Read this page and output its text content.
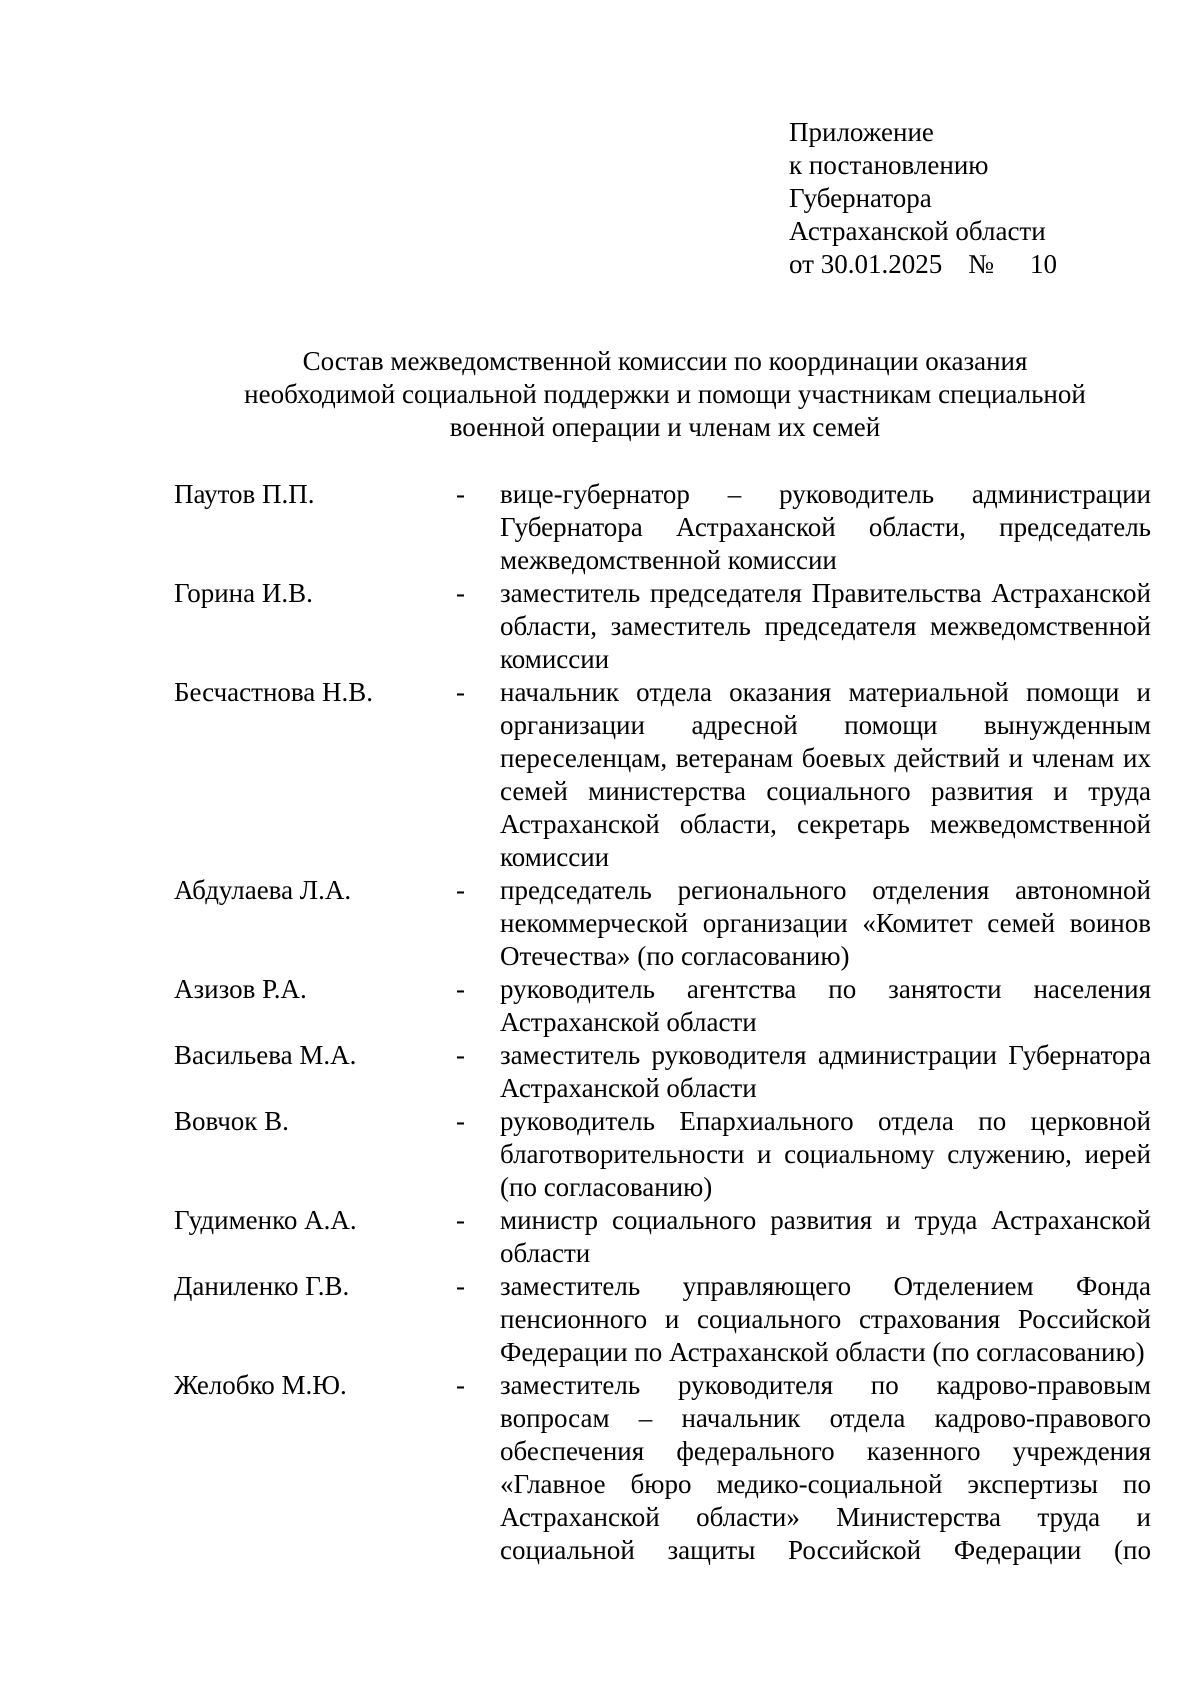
Приложение
к постановлению
Губернатора
Астраханской области
от 30.01.2025 № 10
Состав межведомственной комиссии по координации оказания
необходимой социальной поддержки и помощи участникам специальной
военной операции и членам их семей
Паутов П.П.	-	вице-губернатор – руководитель администрации Губернатора Астраханской области, председатель межведомственной комиссии
Горина И.В.	-	заместитель председателя Правительства Астраханской области, заместитель председателя межведомственной комиссии
Бесчастнова Н.В.	-	начальник отдела оказания материальной помощи и организации адресной помощи вынужденным переселенцам, ветеранам боевых действий и членам их семей министерства социального развития и труда Астраханской области, секретарь межведомственной комиссии
Абдулаева Л.А.	-	председатель регионального отделения автономной некоммерческой организации «Комитет семей воинов Отечества» (по согласованию)
Азизов Р.А.	-	руководитель агентства по занятости населения Астраханской области
Васильева М.А.	-	заместитель руководителя администрации Губернатора Астраханской области
Вовчок В.	-	руководитель Епархиального отдела по церковной благотворительности и социальному служению, иерей (по согласованию)
Гудименко А.А.	-	министр социального развития и труда Астраханской области
Даниленко Г.В.	-	заместитель управляющего Отделением Фонда пенсионного и социального страхования Российской Федерации по Астраханской области (по согласованию)
Желобко М.Ю.	-	заместитель руководителя по кадрово-правовым вопросам – начальник отдела кадрово-правового обеспечения федерального казенного учреждения «Главное бюро медико-социальной экспертизы по Астраханской области» Министерства труда и социальной защиты Российской Федерации (по
